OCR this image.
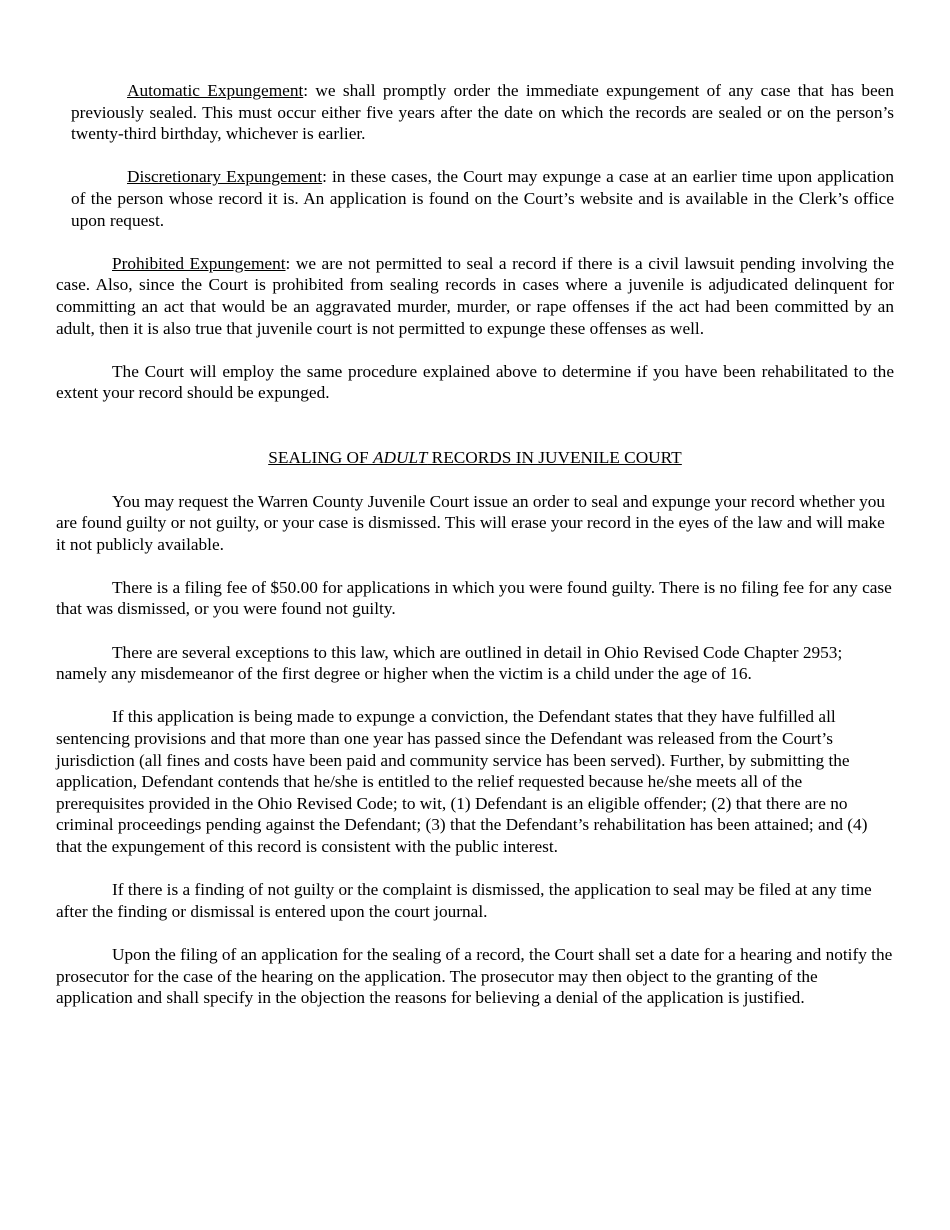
Automatic Expungement: we shall promptly order the immediate expungement of any case that has been previously sealed. This must occur either five years after the date on which the records are sealed or on the person’s twenty-third birthday, whichever is earlier.

Discretionary Expungement: in these cases, the Court may expunge a case at an earlier time upon application of the person whose record it is. An application is found on the Court’s website and is available in the Clerk’s office upon request.

Prohibited Expungement: we are not permitted to seal a record if there is a civil lawsuit pending involving the case. Also, since the Court is prohibited from sealing records in cases where a juvenile is adjudicated delinquent for committing an act that would be an aggravated murder, murder, or rape offenses if the act had been committed by an adult, then it is also true that juvenile court is not permitted to expunge these offenses as well.

The Court will employ the same procedure explained above to determine if you have been rehabilitated to the extent your record should be expunged.

SEALING OF ADULT RECORDS IN JUVENILE COURT

You may request the Warren County Juvenile Court issue an order to seal and expunge your record whether you are found guilty or not guilty, or your case is dismissed. This will erase your record in the eyes of the law and will make it not publicly available.

There is a filing fee of $50.00 for applications in which you were found guilty. There is no filing fee for any case that was dismissed, or you were found not guilty.

There are several exceptions to this law, which are outlined in detail in Ohio Revised Code Chapter 2953; namely any misdemeanor of the first degree or higher when the victim is a child under the age of 16.

If this application is being made to expunge a conviction, the Defendant states that they have fulfilled all sentencing provisions and that more than one year has passed since the Defendant was released from the Court’s jurisdiction (all fines and costs have been paid and community service has been served). Further, by submitting the application, Defendant contends that he/she is entitled to the relief requested because he/she meets all of the prerequisites provided in the Ohio Revised Code; to wit, (1) Defendant is an eligible offender; (2) that there are no criminal proceedings pending against the Defendant; (3) that the Defendant’s rehabilitation has been attained; and (4) that the expungement of this record is consistent with the public interest.

If there is a finding of not guilty or the complaint is dismissed, the application to seal may be filed at any time after the finding or dismissal is entered upon the court journal.

Upon the filing of an application for the sealing of a record, the Court shall set a date for a hearing and notify the prosecutor for the case of the hearing on the application. The prosecutor may then object to the granting of the application and shall specify in the objection the reasons for believing a denial of the application is justified.
